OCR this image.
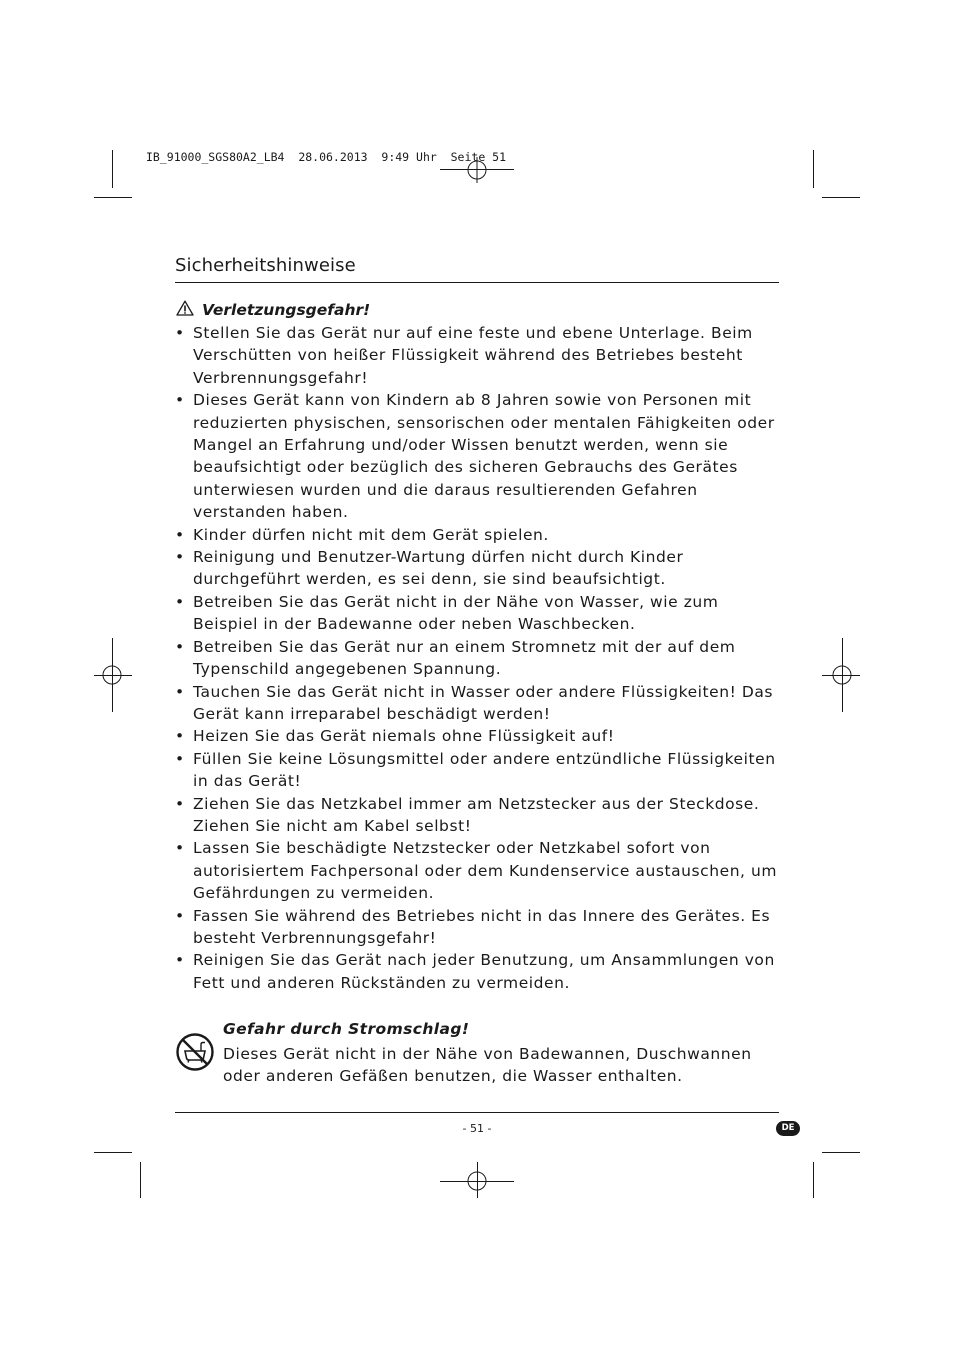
IB_91000_SGS80A2_LB4  28.06.2013  9:49 Uhr  Seite 51
Sicherheitshinweise
Verletzungsgefahr!
• Stellen Sie das Gerät nur auf eine feste und ebene Unterlage. Beim Verschütten von heißer Flüssigkeit während des Betriebes besteht Verbrennungsgefahr!
• Dieses Gerät kann von Kindern ab 8 Jahren sowie von Personen mit reduzierten physischen, sensorischen oder mentalen Fähigkeiten oder Mangel an Erfahrung und/oder Wissen benutzt werden, wenn sie beaufsichtigt oder bezüglich des sicheren Gebrauchs des Gerätes unterwiesen wurden und die daraus resultierenden Gefahren verstanden haben.
• Kinder dürfen nicht mit dem Gerät spielen.
• Reinigung und Benutzer-Wartung dürfen nicht durch Kinder durchgeführt werden, es sei denn, sie sind beaufsichtigt.
• Betreiben Sie das Gerät nicht in der Nähe von Wasser, wie zum Beispiel in der Badewanne oder neben Waschbecken.
• Betreiben Sie das Gerät nur an einem Stromnetz mit der auf dem Typenschild angegebenen Spannung.
• Tauchen Sie das Gerät nicht in Wasser oder andere Flüssigkeiten! Das Gerät kann irreparabel beschädigt werden!
• Heizen Sie das Gerät niemals ohne Flüssigkeit auf!
• Füllen Sie keine Lösungsmittel oder andere entzündliche Flüssigkeiten in das Gerät!
• Ziehen Sie das Netzkabel immer am Netzstecker aus der Steckdose. Ziehen Sie nicht am Kabel selbst!
• Lassen Sie beschädigte Netzstecker oder Netzkabel sofort von autorisiertem Fachpersonal oder dem Kundenservice austauschen, um Gefährdungen zu vermeiden.
• Fassen Sie während des Betriebes nicht in das Innere des Gerätes. Es besteht Verbrennungsgefahr!
• Reinigen Sie das Gerät nach jeder Benutzung, um Ansammlungen von Fett und anderen Rückständen zu vermeiden.
Gefahr durch Stromschlag!

Dieses Gerät nicht in der Nähe von Badewannen, Duschwannen oder anderen Gefäßen benutzen, die Wasser enthalten.

- 51 -	DE
